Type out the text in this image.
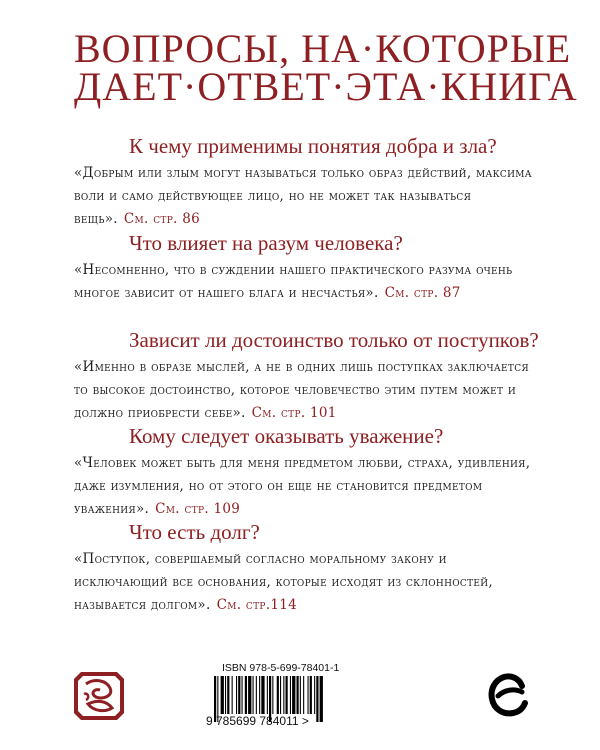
ВОПРОСЫ, НА·КОТОРЫЕ
ДАЕТ·ОТВЕТ·ЭТА·КНИГА
К чему применимы понятия добра и зла?
«Добрым или злым могут называться только образ действий, максима воли и само действующее лицо, но не может так называться вещь». См. стр. 86
Что влияет на разум человека?
«Несомненно, что в суждении нашего практического разума очень многое зависит от нашего блага и несчастья». См. стр. 87
Зависит ли достоинство только от поступков?
«Именно в образе мыслей, а не в одних лишь поступках заключается то высокое достоинство, которое человечество этим путем может и должно приобрести себе». См. стр. 101
Кому следует оказывать уважение?
«Человек может быть для меня предметом любви, страха, удивления, даже изумления, но от этого он еще не становится предметом уважения». См. стр. 109
Что есть долг?
«Поступок, совершаемый согласно моральному закону и исключающий все основания, которые исходят из склонностей, называется долгом». См. стр.114
ISBN 978-5-699-78401-1
9 785699 784011 >
